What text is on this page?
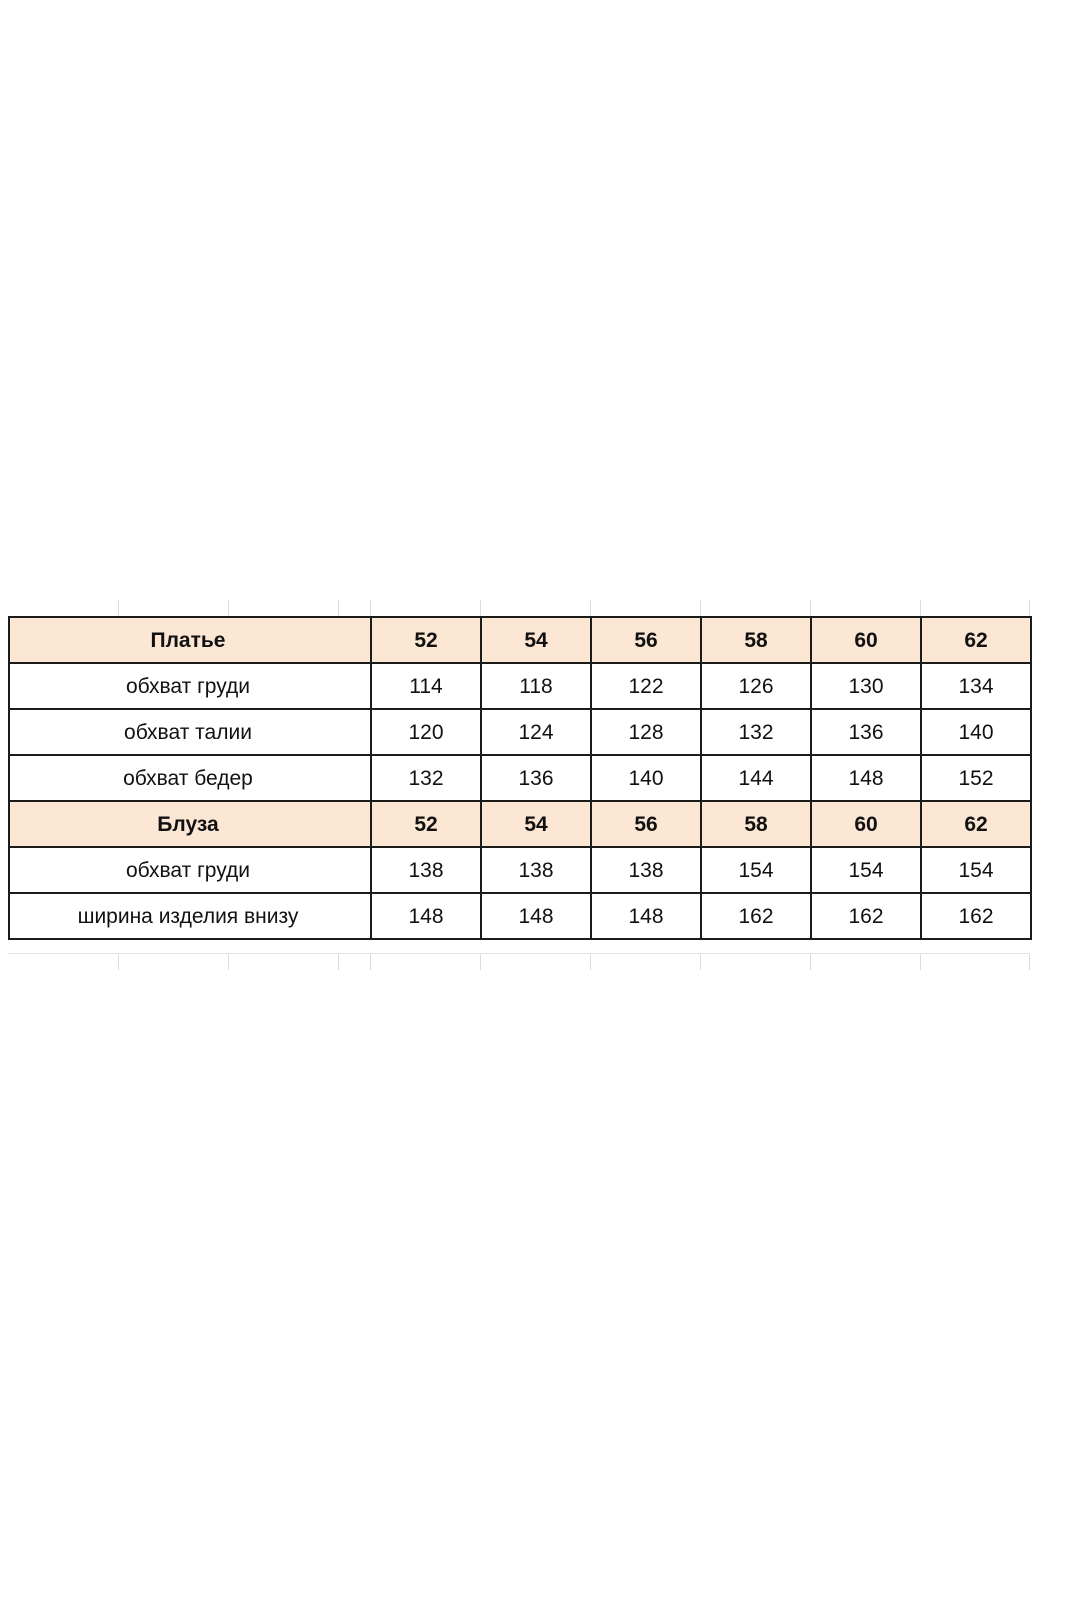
Платье	52	54	56	58	60	62
обхват груди	114	118	122	126	130	134
обхват талии	120	124	128	132	136	140
обхват бедер	132	136	140	144	148	152
Блуза	52	54	56	58	60	62
обхват груди	138	138	138	154	154	154
ширина изделия внизу	148	148	148	162	162	162
